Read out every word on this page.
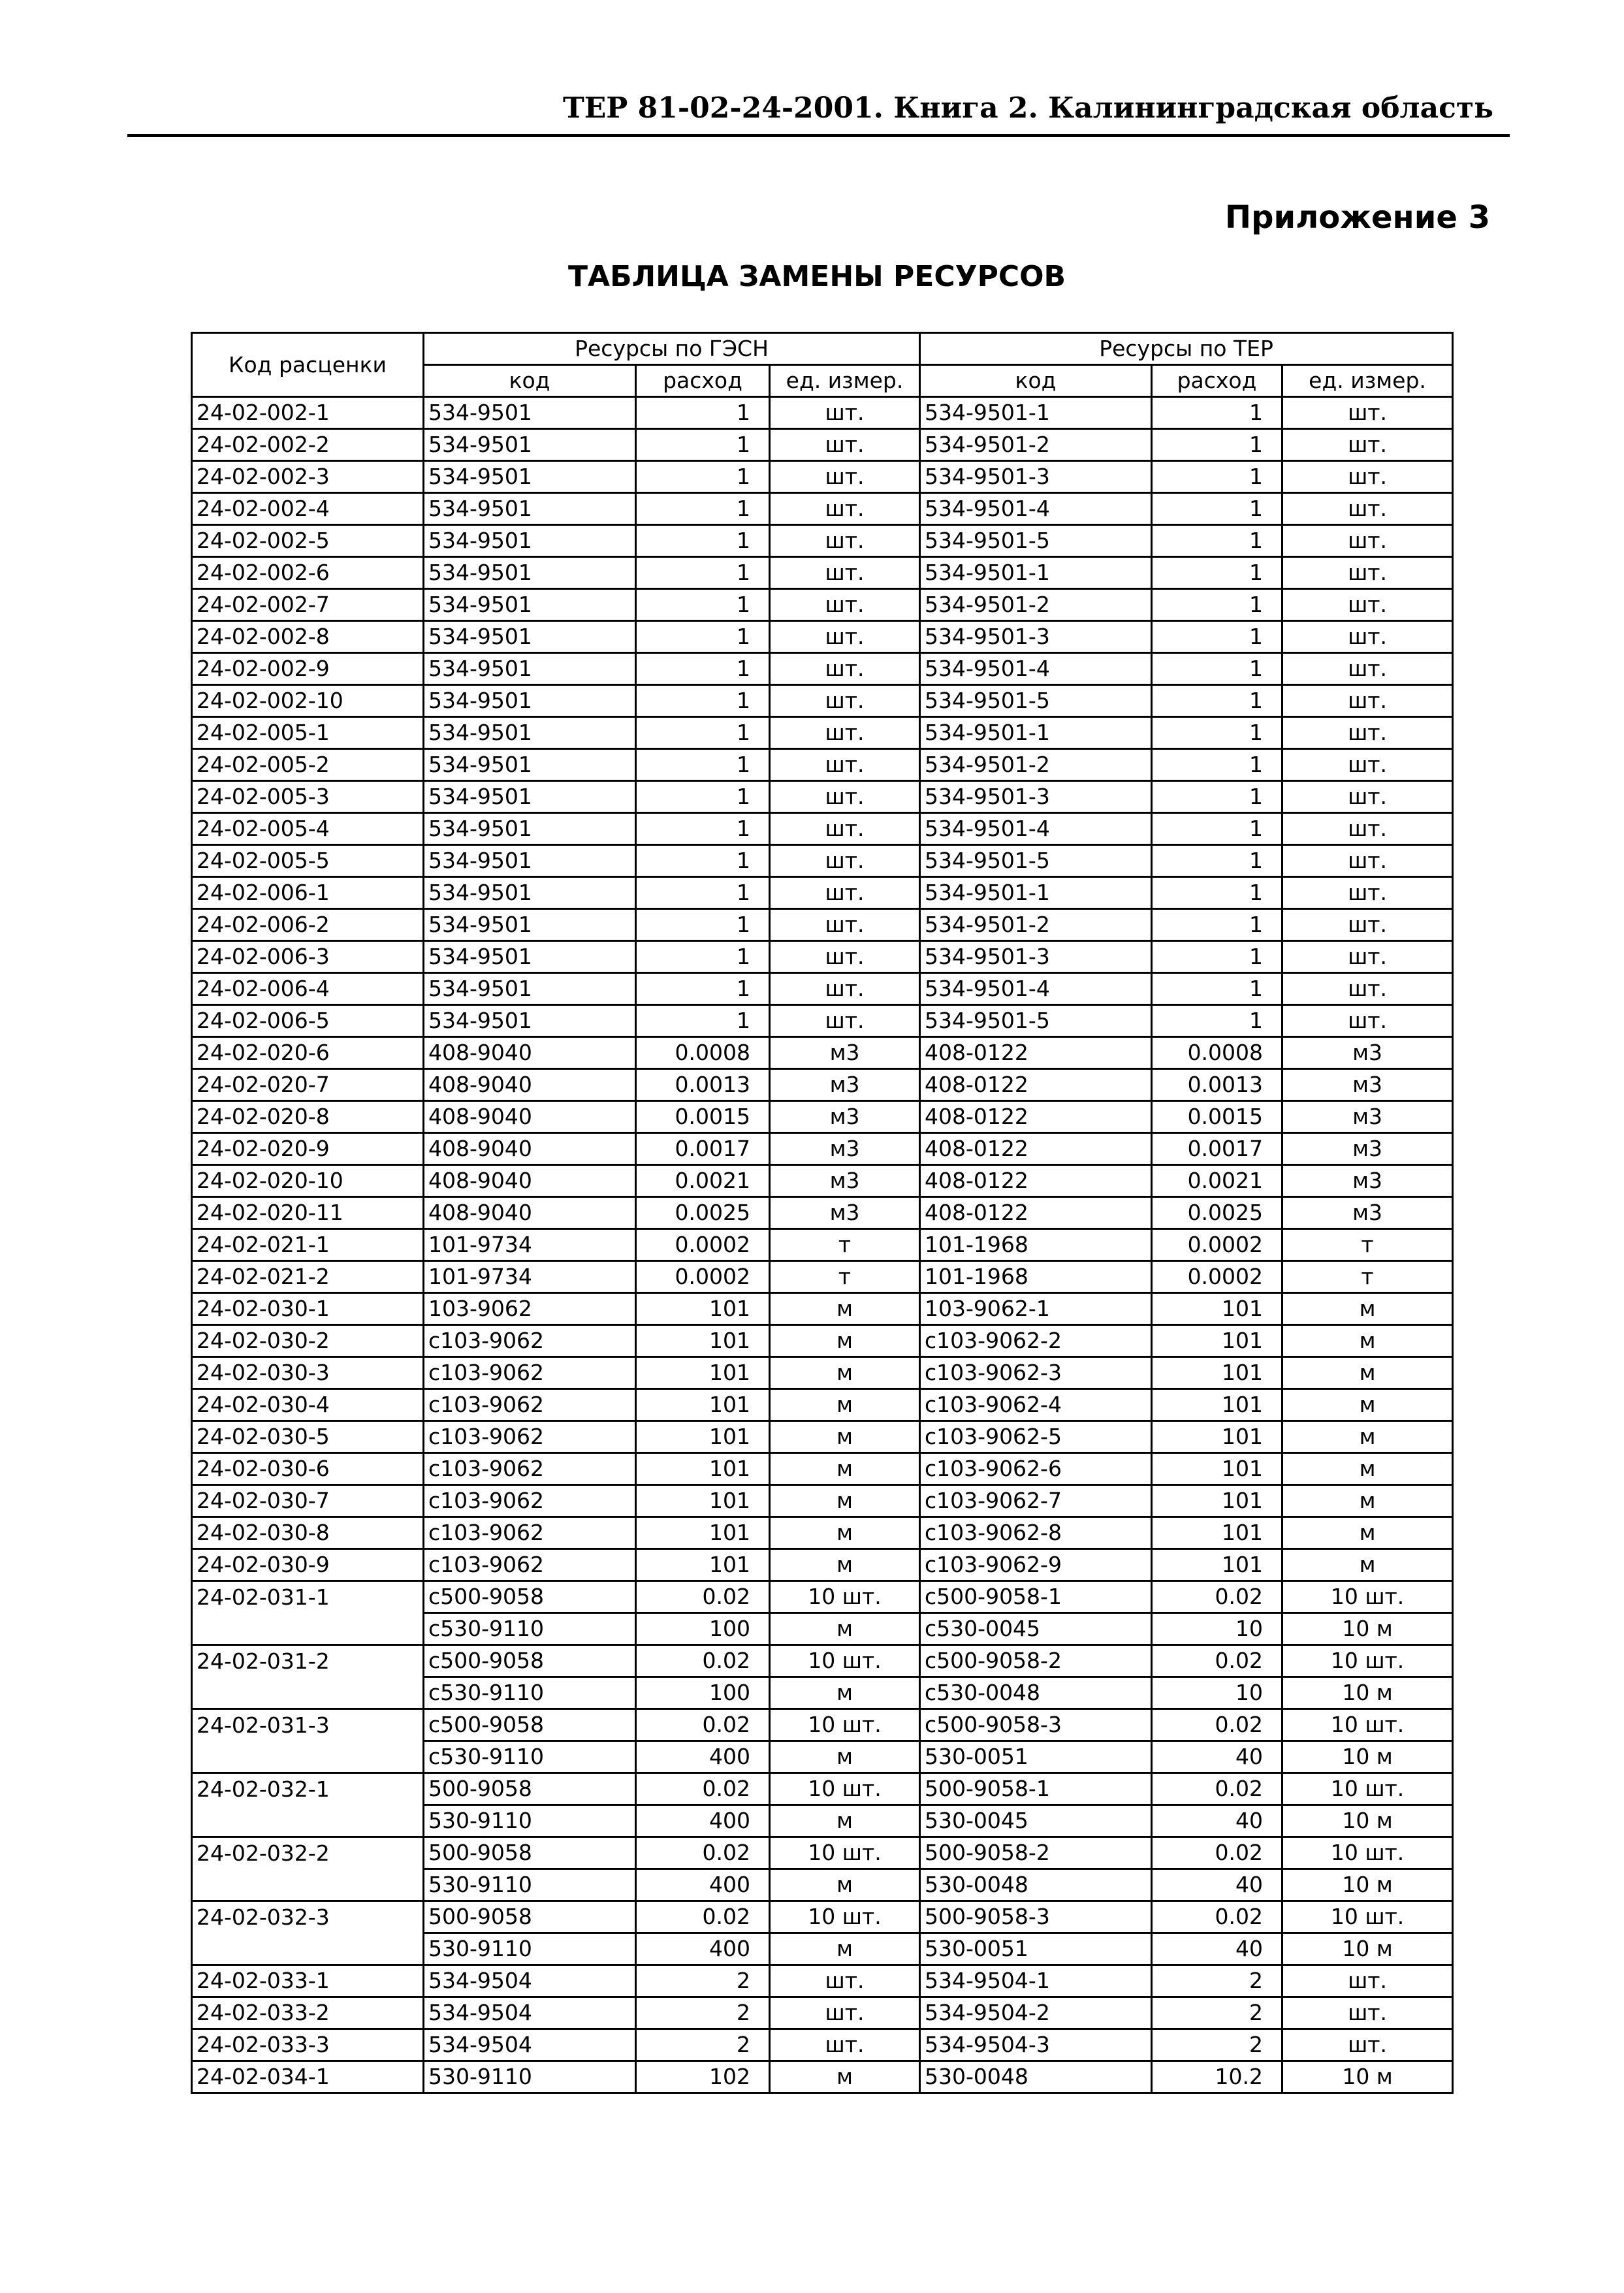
ТЕР 81-02-24-2001. Книга 2. Калининградская область
Приложение 3
ТАБЛИЦА ЗАМЕНЫ РЕСУРСОВ
Код расценки	Ресурсы по ГЭСН			Ресурсы по ТЕР		
	код	расход	ед. измер.	код	расход	ед. измер.
24-02-002-1	534-9501	1	шт.	534-9501-1	1	шт.
24-02-002-2	534-9501	1	шт.	534-9501-2	1	шт.
24-02-002-3	534-9501	1	шт.	534-9501-3	1	шт.
24-02-002-4	534-9501	1	шт.	534-9501-4	1	шт.
24-02-002-5	534-9501	1	шт.	534-9501-5	1	шт.
24-02-002-6	534-9501	1	шт.	534-9501-1	1	шт.
24-02-002-7	534-9501	1	шт.	534-9501-2	1	шт.
24-02-002-8	534-9501	1	шт.	534-9501-3	1	шт.
24-02-002-9	534-9501	1	шт.	534-9501-4	1	шт.
24-02-002-10	534-9501	1	шт.	534-9501-5	1	шт.
24-02-005-1	534-9501	1	шт.	534-9501-1	1	шт.
24-02-005-2	534-9501	1	шт.	534-9501-2	1	шт.
24-02-005-3	534-9501	1	шт.	534-9501-3	1	шт.
24-02-005-4	534-9501	1	шт.	534-9501-4	1	шт.
24-02-005-5	534-9501	1	шт.	534-9501-5	1	шт.
24-02-006-1	534-9501	1	шт.	534-9501-1	1	шт.
24-02-006-2	534-9501	1	шт.	534-9501-2	1	шт.
24-02-006-3	534-9501	1	шт.	534-9501-3	1	шт.
24-02-006-4	534-9501	1	шт.	534-9501-4	1	шт.
24-02-006-5	534-9501	1	шт.	534-9501-5	1	шт.
24-02-020-6	408-9040	0.0008	м3	408-0122	0.0008	м3
24-02-020-7	408-9040	0.0013	м3	408-0122	0.0013	м3
24-02-020-8	408-9040	0.0015	м3	408-0122	0.0015	м3
24-02-020-9	408-9040	0.0017	м3	408-0122	0.0017	м3
24-02-020-10	408-9040	0.0021	м3	408-0122	0.0021	м3
24-02-020-11	408-9040	0.0025	м3	408-0122	0.0025	м3
24-02-021-1	101-9734	0.0002	т	101-1968	0.0002	т
24-02-021-2	101-9734	0.0002	т	101-1968	0.0002	т
24-02-030-1	103-9062	101	м	103-9062-1	101	м
24-02-030-2	с103-9062	101	м	с103-9062-2	101	м
24-02-030-3	с103-9062	101	м	с103-9062-3	101	м
24-02-030-4	с103-9062	101	м	с103-9062-4	101	м
24-02-030-5	с103-9062	101	м	с103-9062-5	101	м
24-02-030-6	с103-9062	101	м	с103-9062-6	101	м
24-02-030-7	с103-9062	101	м	с103-9062-7	101	м
24-02-030-8	с103-9062	101	м	с103-9062-8	101	м
24-02-030-9	с103-9062	101	м	с103-9062-9	101	м
24-02-031-1	с500-9058	0.02	10 шт.	с500-9058-1	0.02	10 шт.
	с530-9110	100	м	с530-0045	10	10 м
24-02-031-2	с500-9058	0.02	10 шт.	с500-9058-2	0.02	10 шт.
	с530-9110	100	м	с530-0048	10	10 м
24-02-031-3	с500-9058	0.02	10 шт.	с500-9058-3	0.02	10 шт.
	с530-9110	400	м	530-0051	40	10 м
24-02-032-1	500-9058	0.02	10 шт.	500-9058-1	0.02	10 шт.
	530-9110	400	м	530-0045	40	10 м
24-02-032-2	500-9058	0.02	10 шт.	500-9058-2	0.02	10 шт.
	530-9110	400	м	530-0048	40	10 м
24-02-032-3	500-9058	0.02	10 шт.	500-9058-3	0.02	10 шт.
	530-9110	400	м	530-0051	40	10 м
24-02-033-1	534-9504	2	шт.	534-9504-1	2	шт.
24-02-033-2	534-9504	2	шт.	534-9504-2	2	шт.
24-02-033-3	534-9504	2	шт.	534-9504-3	2	шт.
24-02-034-1	530-9110	102	м	530-0048	10.2	10 м
